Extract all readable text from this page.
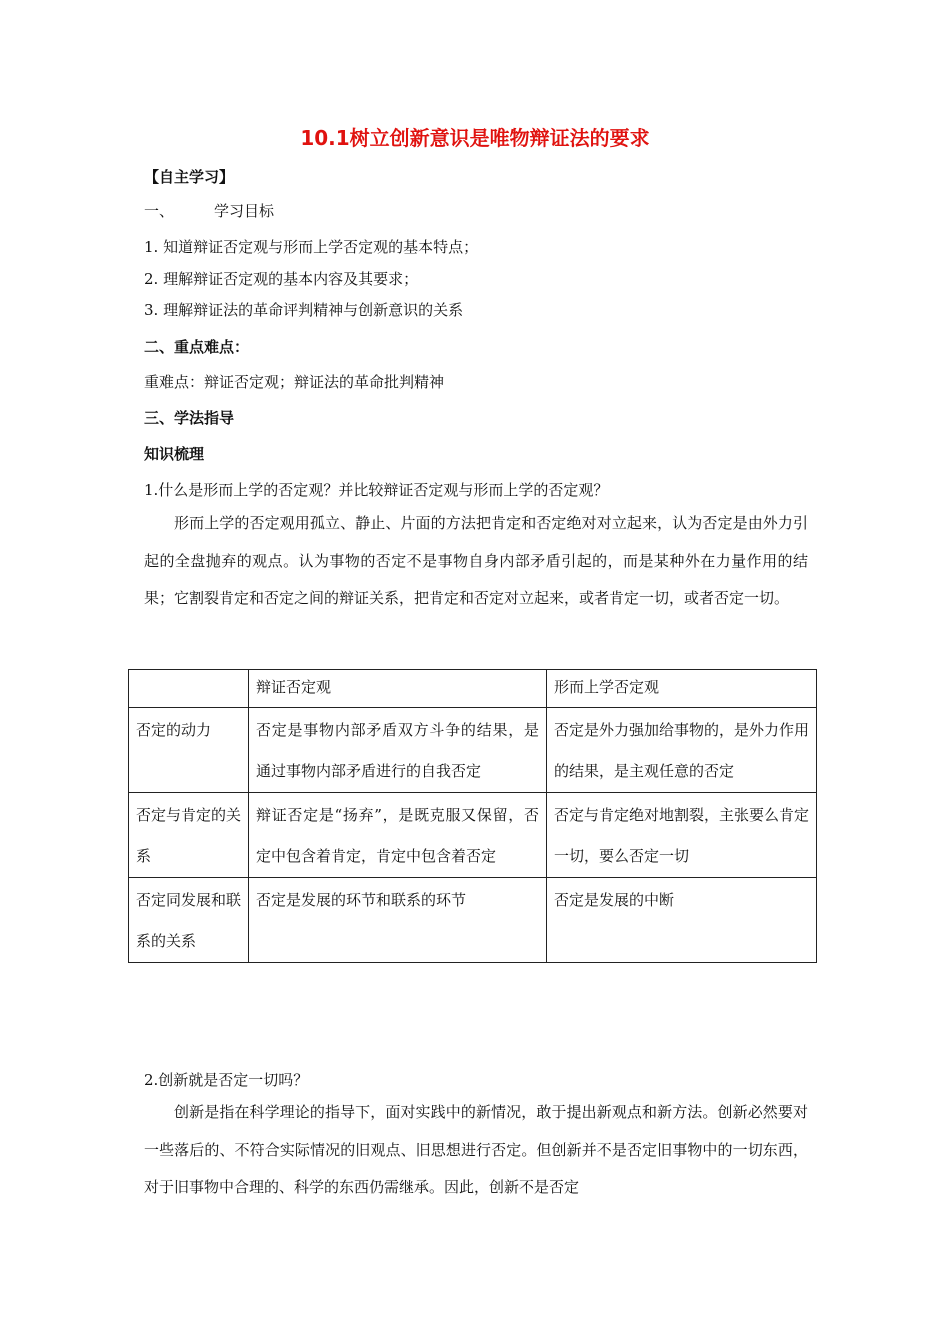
10.1树立创新意识是唯物辩证法的要求
【自主学习】
一、	学习目标
1. 知道辩证否定观与形而上学否定观的基本特点；
2. 理解辩证否定观的基本内容及其要求；
3. 理解辩证法的革命评判精神与创新意识的关系
二、重点难点：
重难点：辩证否定观；辩证法的革命批判精神
三、学法指导
知识梳理
1.什么是形而上学的否定观？并比较辩证否定观与形而上学的否定观？
形而上学的否定观用孤立、静止、片面的方法把肯定和否定绝对对立起来，认为否定是由外力引起的全盘抛弃的观点。认为事物的否定不是事物自身内部矛盾引起的，而是某种外在力量作用的结果；它割裂肯定和否定之间的辩证关系，把肯定和否定对立起来，或者肯定一切，或者否定一切。
	辩证否定观	形而上学否定观
否定的动力	否定是事物内部矛盾双方斗争的结果，是通过事物内部矛盾进行的自我否定	否定是外力强加给事物的，是外力作用的结果，是主观任意的否定
否定与肯定的关系	辩证否定是“扬弃”，是既克服又保留，否定中包含着肯定，肯定中包含着否定	否定与肯定绝对地割裂，主张要么肯定一切，要么否定一切
否定同发展和联系的关系	否定是发展的环节和联系的环节	否定是发展的中断
2.创新就是否定一切吗？
创新是指在科学理论的指导下，面对实践中的新情况，敢于提出新观点和新方法。创新必然要对一些落后的、不符合实际情况的旧观点、旧思想进行否定。但创新并不是否定旧事物中的一切东西，对于旧事物中合理的、科学的东西仍需继承。因此，创新不是否定
